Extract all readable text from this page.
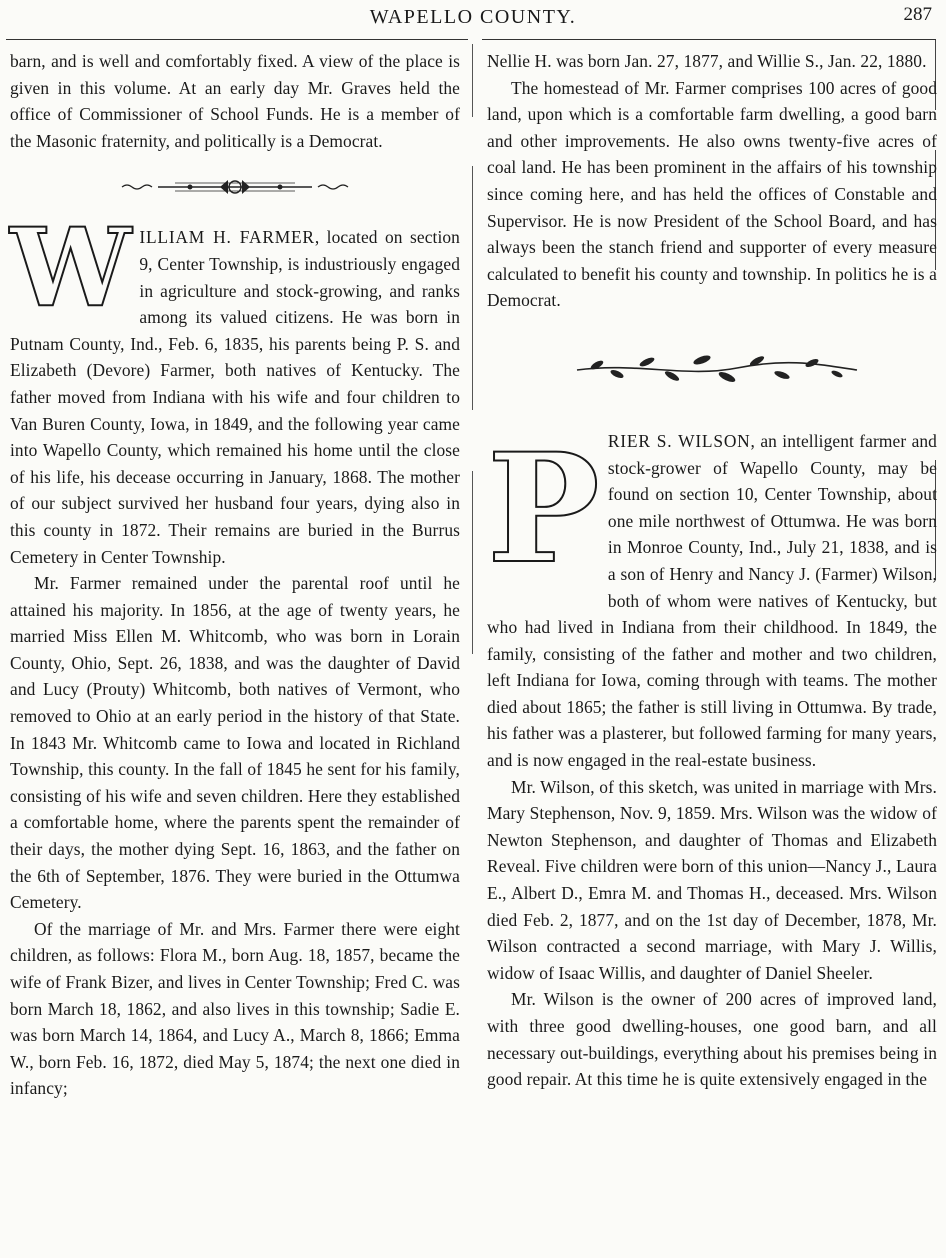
WAPELLO COUNTY.	287

barn, and is well and comfortably fixed. A view of the place is given in this volume. At an early day Mr. Graves held the office of Commissioner of School Funds. He is a member of the Masonic fraternity, and politically is a Democrat.

WILLIAM H. FARMER, located on section 9, Center Township, is industriously engaged in agriculture and stock-growing, and ranks among its valued citizens. He was born in Putnam County, Ind., Feb. 6, 1835, his parents being P. S. and Elizabeth (Devore) Farmer, both natives of Kentucky. The father moved from Indiana with his wife and four children to Van Buren County, Iowa, in 1849, and the following year came into Wapello County, which remained his home until the close of his life, his decease occurring in January, 1868. The mother of our subject survived her husband four years, dying also in this county in 1872. Their remains are buried in the Burrus Cemetery in Center Township.

Mr. Farmer remained under the parental roof until he attained his majority. In 1856, at the age of twenty years, he married Miss Ellen M. Whitcomb, who was born in Lorain County, Ohio, Sept. 26, 1838, and was the daughter of David and Lucy (Prouty) Whitcomb, both natives of Vermont, who removed to Ohio at an early period in the history of that State. In 1843 Mr. Whitcomb came to Iowa and located in Richland Township, this county. In the fall of 1845 he sent for his family, consisting of his wife and seven children. Here they established a comfortable home, where the parents spent the remainder of their days, the mother dying Sept. 16, 1863, and the father on the 6th of September, 1876. They were buried in the Ottumwa Cemetery.

Of the marriage of Mr. and Mrs. Farmer there were eight children, as follows: Flora M., born Aug. 18, 1857, became the wife of Frank Bizer, and lives in Center Township; Fred C. was born March 18, 1862, and also lives in this township; Sadie E. was born March 14, 1864, and Lucy A., March 8, 1866; Emma W., born Feb. 16, 1872, died May 5, 1874; the next one died in infancy;

Nellie H. was born Jan. 27, 1877, and Willie S., Jan. 22, 1880.

The homestead of Mr. Farmer comprises 100 acres of good land, upon which is a comfortable farm dwelling, a good barn and other improvements. He also owns twenty-five acres of coal land. He has been prominent in the affairs of his township since coming here, and has held the offices of Constable and Supervisor. He is now President of the School Board, and has always been the stanch friend and supporter of every measure calculated to benefit his county and township. In politics he is a Democrat.

PRIER S. WILSON, an intelligent farmer and stock-grower of Wapello County, may be found on section 10, Center Township, about one mile northwest of Ottumwa. He was born in Monroe County, Ind., July 21, 1838, and is a son of Henry and Nancy J. (Farmer) Wilson, both of whom were natives of Kentucky, but who had lived in Indiana from their childhood. In 1849, the family, consisting of the father and mother and two children, left Indiana for Iowa, coming through with teams. The mother died about 1865; the father is still living in Ottumwa. By trade, his father was a plasterer, but followed farming for many years, and is now engaged in the real-estate business.

Mr. Wilson, of this sketch, was united in marriage with Mrs. Mary Stephenson, Nov. 9, 1859. Mrs. Wilson was the widow of Newton Stephenson, and daughter of Thomas and Elizabeth Reveal. Five children were born of this union—Nancy J., Laura E., Albert D., Emra M. and Thomas H., deceased. Mrs. Wilson died Feb. 2, 1877, and on the 1st day of December, 1878, Mr. Wilson contracted a second marriage, with Mary J. Willis, widow of Isaac Willis, and daughter of Daniel Sheeler.

Mr. Wilson is the owner of 200 acres of improved land, with three good dwelling-houses, one good barn, and all necessary out-buildings, everything about his premises being in good repair. At this time he is quite extensively engaged in the
